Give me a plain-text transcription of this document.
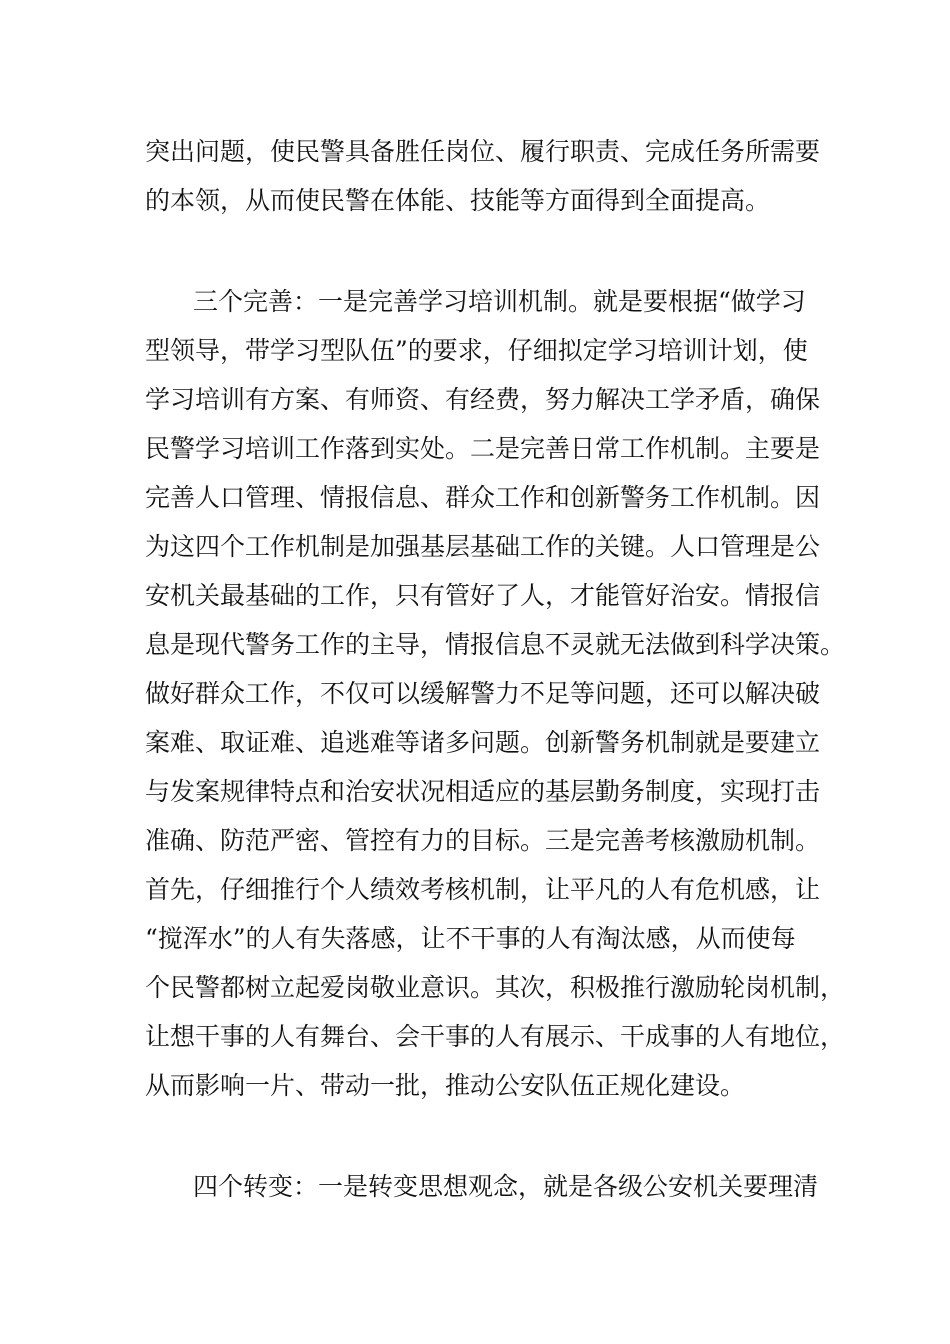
突出问题，使民警具备胜任岗位、履行职责、完成任务所需要
的本领，从而使民警在体能、技能等方面得到全面提高。
三个完善：一是完善学习培训机制。就是要根据“做学习
型领导，带学习型队伍”的要求，仔细拟定学习培训计划，使
学习培训有方案、有师资、有经费，努力解决工学矛盾，确保
民警学习培训工作落到实处。二是完善日常工作机制。主要是
完善人口管理、情报信息、群众工作和创新警务工作机制。因
为这四个工作机制是加强基层基础工作的关键。人口管理是公
安机关最基础的工作，只有管好了人，才能管好治安。情报信
息是现代警务工作的主导，情报信息不灵就无法做到科学决策。
做好群众工作，不仅可以缓解警力不足等问题，还可以解决破
案难、取证难、追逃难等诸多问题。创新警务机制就是要建立
与发案规律特点和治安状况相适应的基层勤务制度，实现打击
准确、防范严密、管控有力的目标。三是完善考核激励机制。
首先，仔细推行个人绩效考核机制，让平凡的人有危机感，让
“搅浑水”的人有失落感，让不干事的人有淘汰感，从而使每
个民警都树立起爱岗敬业意识。其次，积极推行激励轮岗机制，
让想干事的人有舞台、会干事的人有展示、干成事的人有地位，
从而影响一片、带动一批，推动公安队伍正规化建设。
四个转变：一是转变思想观念，就是各级公安机关要理清
